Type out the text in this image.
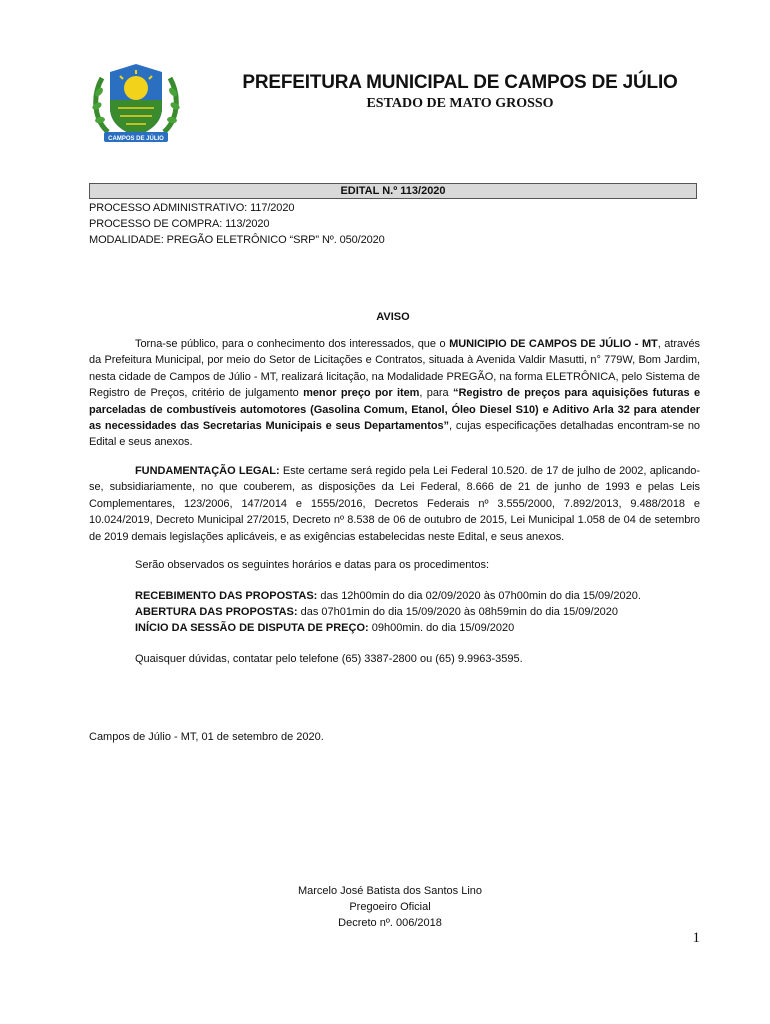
CAMPOS DE JÚLIO
PREFEITURA MUNICIPAL DE CAMPOS DE JÚLIO
ESTADO DE MATO GROSSO
EDITAL N.º 113/2020
PROCESSO ADMINISTRATIVO: 117/2020
PROCESSO DE COMPRA: 113/2020
MODALIDADE: PREGÃO ELETRÔNICO “SRP” Nº. 050/2020
AVISO
Torna-se público, para o conhecimento dos interessados, que o MUNICIPIO DE CAMPOS DE JÚLIO - MT, através da Prefeitura Municipal, por meio do Setor de Licitações e Contratos, situada à Avenida Valdir Masutti, n° 779W, Bom Jardim, nesta cidade de Campos de Júlio - MT, realizará licitação, na Modalidade PREGÃO, na forma ELETRÔNICA, pelo Sistema de Registro de Preços, critério de julgamento menor preço por item, para “Registro de preços para aquisições futuras e parceladas de combustíveis automotores (Gasolina Comum, Etanol, Óleo Diesel S10) e Aditivo Arla 32 para atender as necessidades das Secretarias Municipais e seus Departamentos”, cujas especificações detalhadas encontram-se no Edital e seus anexos.
FUNDAMENTAÇÃO LEGAL: Este certame será regido pela Lei Federal 10.520. de 17 de julho de 2002, aplicando-se, subsidiariamente, no que couberem, as disposições da Lei Federal, 8.666 de 21 de junho de 1993 e pelas Leis Complementares, 123/2006, 147/2014 e 1555/2016, Decretos Federais nº 3.555/2000, 7.892/2013, 9.488/2018 e 10.024/2019, Decreto Municipal 27/2015, Decreto nº 8.538 de 06 de outubro de 2015, Lei Municipal 1.058 de 04 de setembro de 2019 demais legislações aplicáveis, e as exigências estabelecidas neste Edital, e seus anexos.
Serão observados os seguintes horários e datas para os procedimentos:
RECEBIMENTO DAS PROPOSTAS: das 12h00min do dia 02/09/2020 às 07h00min do dia 15/09/2020.
ABERTURA DAS PROPOSTAS: das 07h01min do dia 15/09/2020 às 08h59min do dia 15/09/2020
INÍCIO DA SESSÃO DE DISPUTA DE PREÇO: 09h00min. do dia 15/09/2020
Quaisquer dúvidas, contatar pelo telefone (65) 3387-2800 ou (65) 9.9963-3595.
Campos de Júlio - MT, 01 de setembro de 2020.
Marcelo José Batista dos Santos Lino
Pregoeiro Oficial
Decreto nº. 006/2018
1
